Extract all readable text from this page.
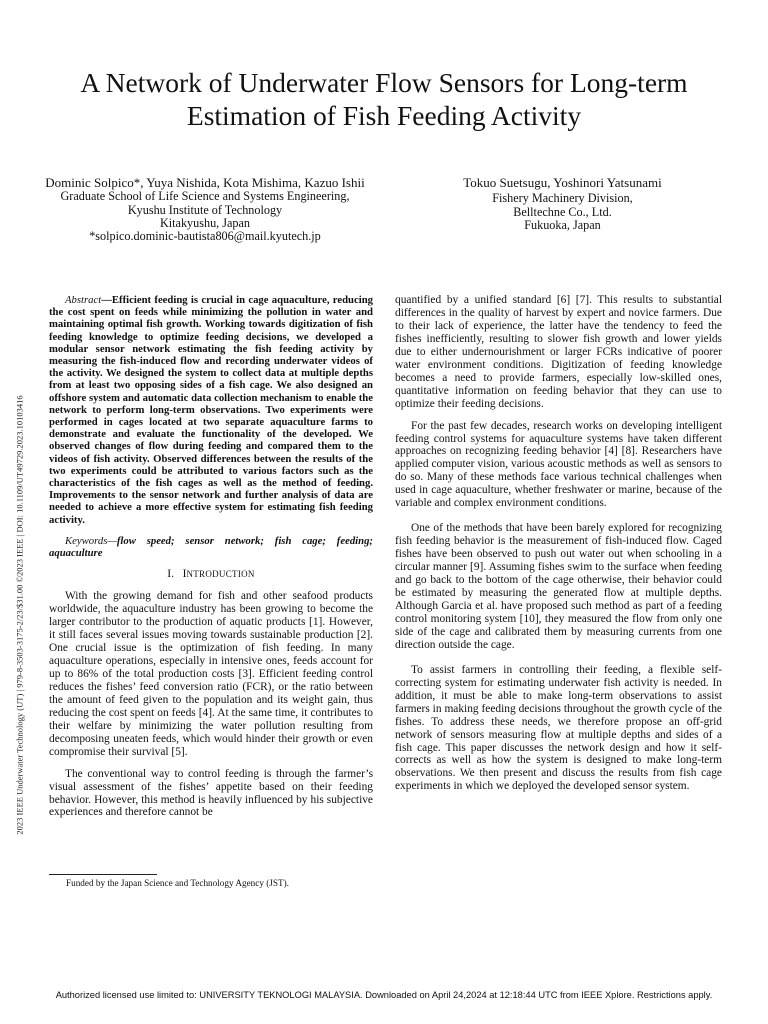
A Network of Underwater Flow Sensors for Long-term Estimation of Fish Feeding Activity
Dominic Solpico*, Yuya Nishida, Kota Mishima, Kazuo Ishii
Graduate School of Life Science and Systems Engineering,
Kyushu Institute of Technology
Kitakyushu, Japan
*solpico.dominic-bautista806@mail.kyutech.jp
Tokuo Suetsugu, Yoshinori Yatsunami
Fishery Machinery Division,
Belltechne Co., Ltd.
Fukuoka, Japan
2023 IEEE Underwater Technology (UT) | 979-8-3503-3175-2/23/$31.00 ©2023 IEEE | DOI: 10.1109/UT49729.2023.10103416

Abstract—Efficient feeding is crucial in cage aquaculture, reducing the cost spent on feeds while minimizing the pollution in water and maintaining optimal fish growth. Working towards digitization of fish feeding knowledge to optimize feeding decisions, we developed a modular sensor network estimating the fish feeding activity by measuring the fish-induced flow and recording underwater videos of the activity. We designed the system to collect data at multiple depths from at least two opposing sides of a fish cage. We also designed an offshore system and automatic data collection mechanism to enable the network to perform long-term observations. Two experiments were performed in cages located at two separate aquaculture farms to demonstrate and evaluate the functionality of the developed. We observed changes of flow during feeding and compared them to the videos of fish activity. Observed differences between the results of the two experiments could be attributed to various factors such as the characteristics of the fish cages as well as the method of feeding. Improvements to the sensor network and further analysis of data are needed to achieve a more effective system for estimating fish feeding activity.

Keywords—flow speed; sensor network; fish cage; feeding; aquaculture

I. INTRODUCTION

With the growing demand for fish and other seafood products worldwide, the aquaculture industry has been growing to become the larger contributor to the production of aquatic products [1]. However, it still faces several issues moving towards sustainable production [2]. One crucial issue is the optimization of fish feeding. In many aquaculture operations, especially in intensive ones, feeds account for up to 86% of the total production costs [3]. Efficient feeding control reduces the fishes’ feed conversion ratio (FCR), or the ratio between the amount of feed given to the population and its weight gain, thus reducing the cost spent on feeds [4]. At the same time, it contributes to their welfare by minimizing the water pollution resulting from decomposing uneaten feeds, which would hinder their growth or even compromise their survival [5].

The conventional way to control feeding is through the farmer’s visual assessment of the fishes’ appetite based on their feeding behavior. However, this method is heavily influenced by his subjective experiences and therefore cannot be

quantified by a unified standard [6] [7]. This results to substantial differences in the quality of harvest by expert and novice farmers. Due to their lack of experience, the latter have the tendency to feed the fishes inefficiently, resulting to slower fish growth and lower yields due to either undernourishment or larger FCRs indicative of poorer water environment conditions. Digitization of feeding knowledge becomes a need to provide farmers, especially low-skilled ones, quantitative information on feeding behavior that they can use to optimize their feeding decisions.

For the past few decades, research works on developing intelligent feeding control systems for aquaculture systems have taken different approaches on recognizing feeding behavior [4] [8]. Researchers have applied computer vision, various acoustic methods as well as sensors to do so. Many of these methods face various technical challenges when used in cage aquaculture, whether freshwater or marine, because of the variable and complex environment conditions.

One of the methods that have been barely explored for recognizing fish feeding behavior is the measurement of fish-induced flow. Caged fishes have been observed to push out water out when schooling in a circular manner [9]. Assuming fishes swim to the surface when feeding and go back to the bottom of the cage otherwise, their behavior could be estimated by measuring the generated flow at multiple depths. Although Garcia et al. have proposed such method as part of a feeding control monitoring system [10], they measured the flow from only one side of the cage and calibrated them by measuring currents from one direction outside the cage.

To assist farmers in controlling their feeding, a flexible self-correcting system for estimating underwater fish activity is needed. In addition, it must be able to make long-term observations to assist farmers in making feeding decisions throughout the growth cycle of the fishes. To address these needs, we therefore propose an off-grid network of sensors measuring flow at multiple depths and sides of a fish cage. This paper discusses the network design and how it self-corrects as well as how the system is designed to make long-term observations. We then present and discuss the results from fish cage experiments in which we deployed the developed sensor system.

Funded by the Japan Science and Technology Agency (JST).
Authorized licensed use limited to: UNIVERSITY TEKNOLOGI MALAYSIA. Downloaded on April 24,2024 at 12:18:44 UTC from IEEE Xplore. Restrictions apply.
